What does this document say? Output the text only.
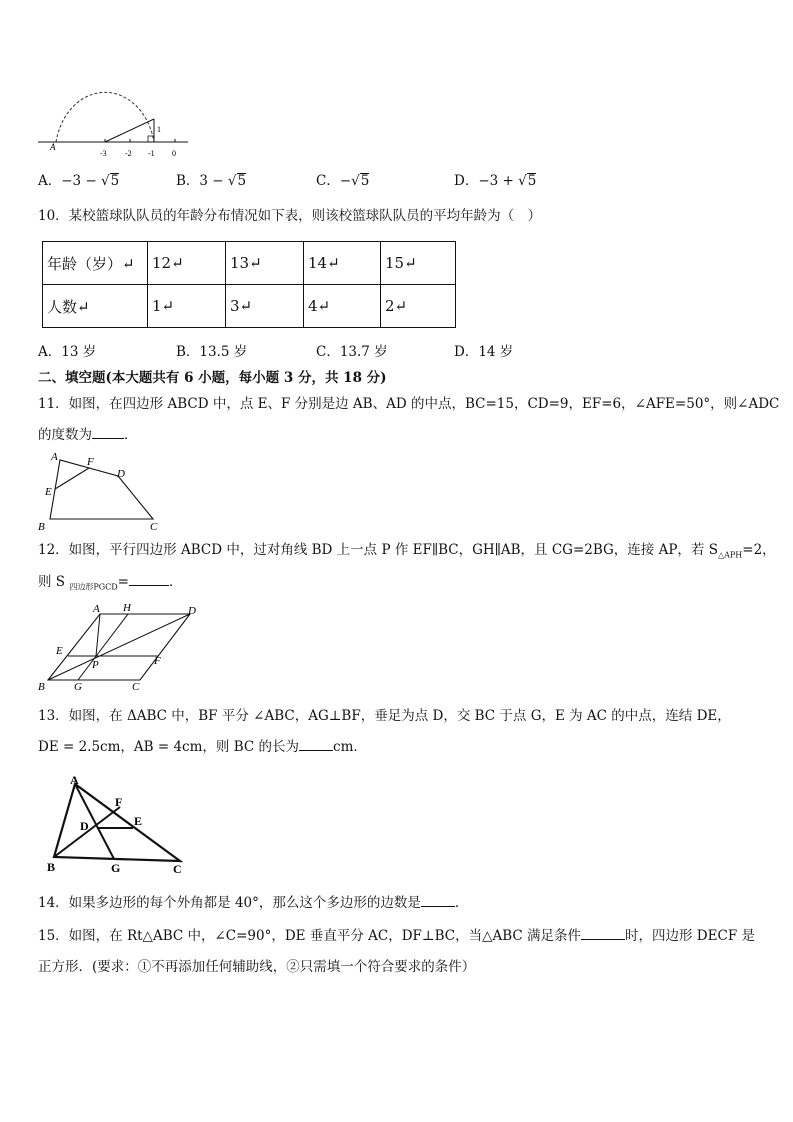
A
1
-3 -2 -1 0
A．−3 − √5	B．3 − √5	C．−√5	D．−3 + √5
10．某校篮球队队员的年龄分布情况如下表，则该校篮球队队员的平均年龄为（　）
年龄（岁）↵	12↵	13↵	14↵	15↵
人数↵	1↵	3↵	4↵	2↵
A．13 岁	B．13.5 岁	C．13.7 岁	D．14 岁
二、填空题(本大题共有 6 小题，每小题 3 分，共 18 分)
11．如图，在四边形 ABCD 中，点 E、F 分别是边 AB、AD 的中点，BC=15，CD=9，EF=6，∠AFE=50°，则∠ADC
的度数为 ．
A	F
D
E
B	C
12．如图，平行四边形 ABCD 中，过对角线 BD 上一点 P 作 EF∥BC，GH∥AB，且 CG=2BG，连接 AP，若 $S_{\triangle APH}=2$，
则 S $_{四边形PGCD}$=	．
A H	D
E
P	F
B	G	C
13．如图，在 ΔABC 中，BF 平分 ∠ABC，AG⊥BF，垂足为点 D，交 BC 于点 G，E 为 AC 的中点，连结 DE，
DE = 2.5cm，AB = 4cm，则 BC 的长为	cm．
A
F
D	E
B	G	C
14．如果多边形的每个外角都是 40°，那么这个多边形的边数是	．
15．如图，在 Rt△ABC 中，∠C=90°，DE 垂直平分 AC，DF⊥BC，当△ABC 满足条件	时，四边形 DECF 是
正方形．(要求：①不再添加任何辅助线，②只需填一个符合要求的条件）
